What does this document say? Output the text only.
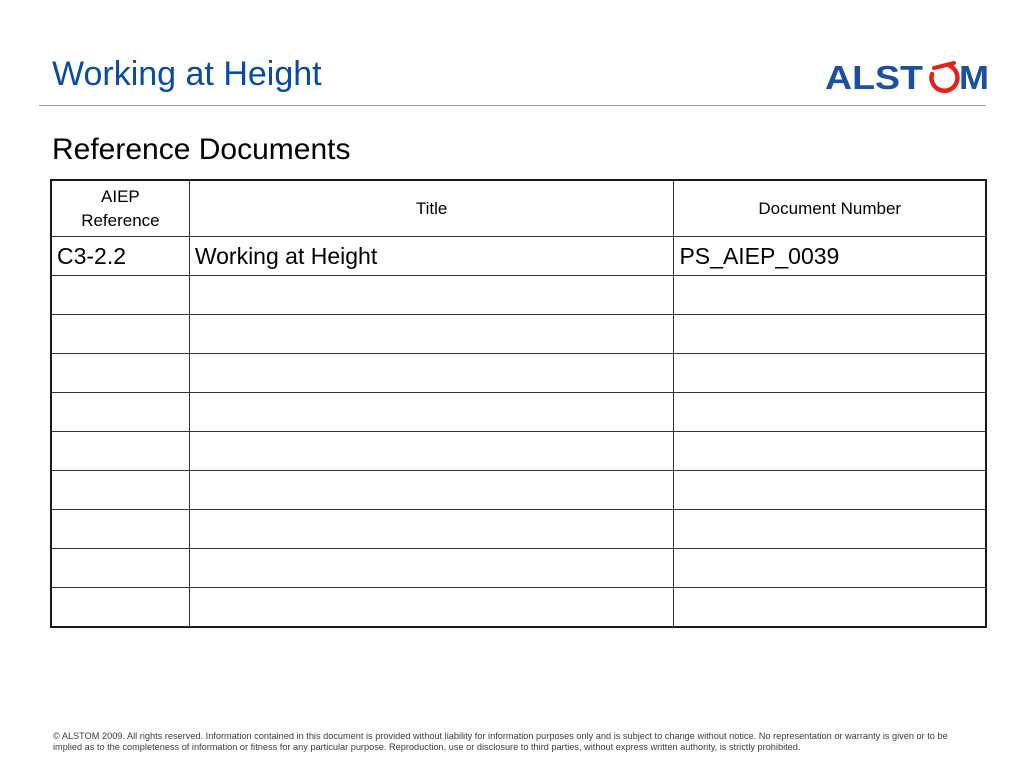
Working at Height	ALST M
Reference Documents
AIEP
Reference	Title	Document Number
C3-2.2	Working at Height	PS_AIEP_0039

© ALSTOM 2009. All rights reserved. Information contained in this document is provided without liability for information purposes only and is subject to change without notice. No representation or warranty is given or to be implied as to the completeness of information or fitness for any particular purpose. Reproduction, use or disclosure to third parties, without express written authority, is strictly prohibited.
